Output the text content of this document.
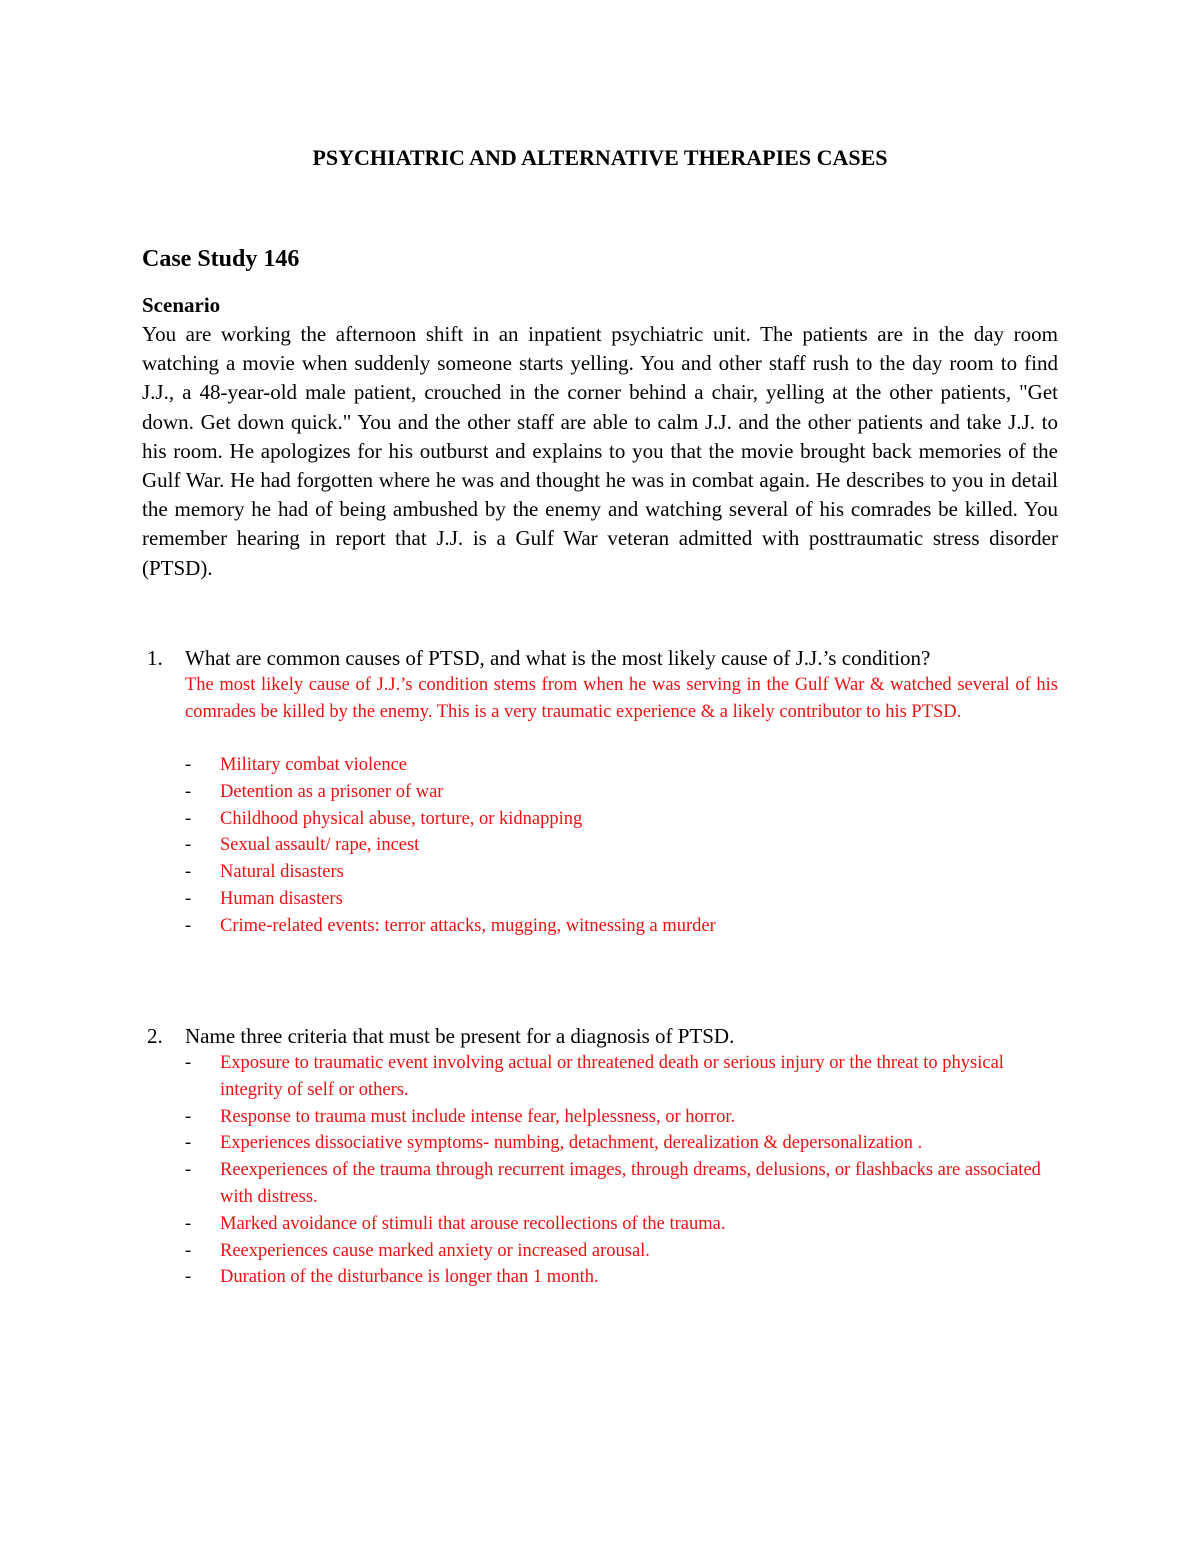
PSYCHIATRIC AND ALTERNATIVE THERAPIES CASES
Case Study 146
Scenario

You are working the afternoon shift in an inpatient psychiatric unit. The patients are in the day room watching a movie when suddenly someone starts yelling. You and other staff rush to the day room to find J.J., a 48-year-old male patient, crouched in the corner behind a chair, yelling at the other patients, "Get down. Get down quick." You and the other staff are able to calm J.J. and the other patients and take J.J. to his room. He apologizes for his outburst and explains to you that the movie brought back memories of the Gulf War. He had forgotten where he was and thought he was in combat again. He describes to you in detail the memory he had of being ambushed by the enemy and watching several of his comrades be killed. You remember hearing in report that J.J. is a Gulf War veteran admitted with posttraumatic stress disorder (PTSD).

1.	What are common causes of PTSD, and what is the most likely cause of J.J.’s condition?

The most likely cause of J.J.’s condition stems from when he was serving in the Gulf War & watched several of his comrades be killed by the enemy. This is a very traumatic experience & a likely contributor to his PTSD.

-	Military combat violence
-	Detention as a prisoner of war
-	Childhood physical abuse, torture, or kidnapping
-	Sexual assault/ rape, incest
-	Natural disasters
-	Human disasters
-	Crime-related events: terror attacks, mugging, witnessing a murder
2.	Name three criteria that must be present for a diagnosis of PTSD.
-	Exposure to traumatic event involving actual or threatened death or serious injury or the threat to physical integrity of self or others.
-	Response to trauma must include intense fear, helplessness, or horror.
-	Experiences dissociative symptoms- numbing, detachment, derealization & depersonalization .
-	Reexperiences of the trauma through recurrent images, through dreams, delusions, or flashbacks are associated with distress.
-	Marked avoidance of stimuli that arouse recollections of the trauma.
-	Reexperiences cause marked anxiety or increased arousal.
-	Duration of the disturbance is longer than 1 month.
